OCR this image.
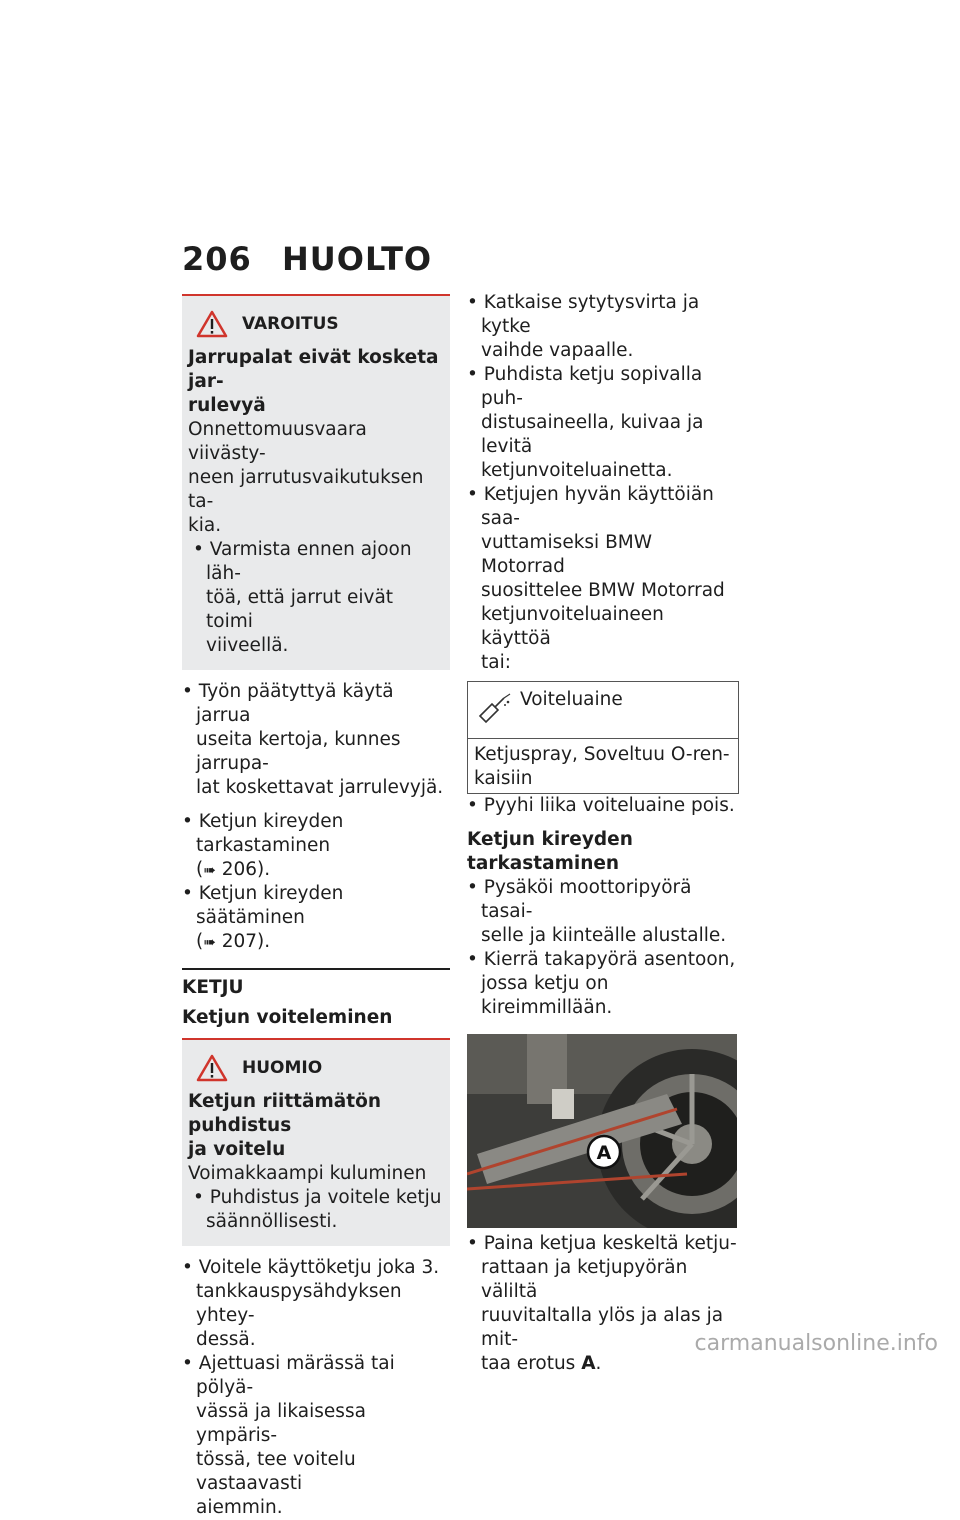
206 HUOLTO
VAROITUS
Jarrupalat eivät kosketa jar-
rulevyä
Onnettomuusvaara viivästy-
neen jarrutusvaikutuksen ta-
kia.
• Varmista ennen ajoon läh-
töä, että jarrut eivät toimi
viiveellä.
• Työn päätyttyä käytä jarrua
useita kertoja, kunnes jarrupa-
lat koskettavat jarrulevyjä.
• Ketjun kireyden tarkastaminen
(➠ 206).
• Ketjun kireyden säätäminen
(➠ 207).
KETJU
Ketjun voiteleminen
HUOMIO
Ketjun riittämätön puhdistus
ja voitelu
Voimakkaampi kuluminen
• Puhdistus ja voitele ketju
säännöllisesti.
• Voitele käyttöketju joka 3.
tankkauspysähdyksen yhtey-
dessä.
• Ajettuasi märässä tai pölyä-
vässä ja likaisessa ympäris-
tössä, tee voitelu vastaavasti
aiemmin.
• Katkaise sytytysvirta ja kytke
vaihde vapaalle.
• Puhdista ketju sopivalla puh-
distusaineella, kuivaa ja levitä
ketjunvoiteluainetta.
• Ketjujen hyvän käyttöiän saa-
vuttamiseksi BMW Motorrad
suosittelee BMW Motorrad
ketjunvoiteluaineen käyttöä
tai:
Voiteluaine
Ketjuspray, Soveltuu O-ren-
kaisiin
• Pyyhi liika voiteluaine pois.
Ketjun kireyden
tarkastaminen
• Pysäköi moottoripyörä tasai-
selle ja kiinteälle alustalle.
• Kierrä takapyörä asentoon,
jossa ketju on kireimmillään.
A
• Paina ketjua keskeltä ketju-
rattaan ja ketjupyörän väliltä
ruuvitaltalla ylös ja alas ja mit-
taa erotus A.
carmanualsonline.info
